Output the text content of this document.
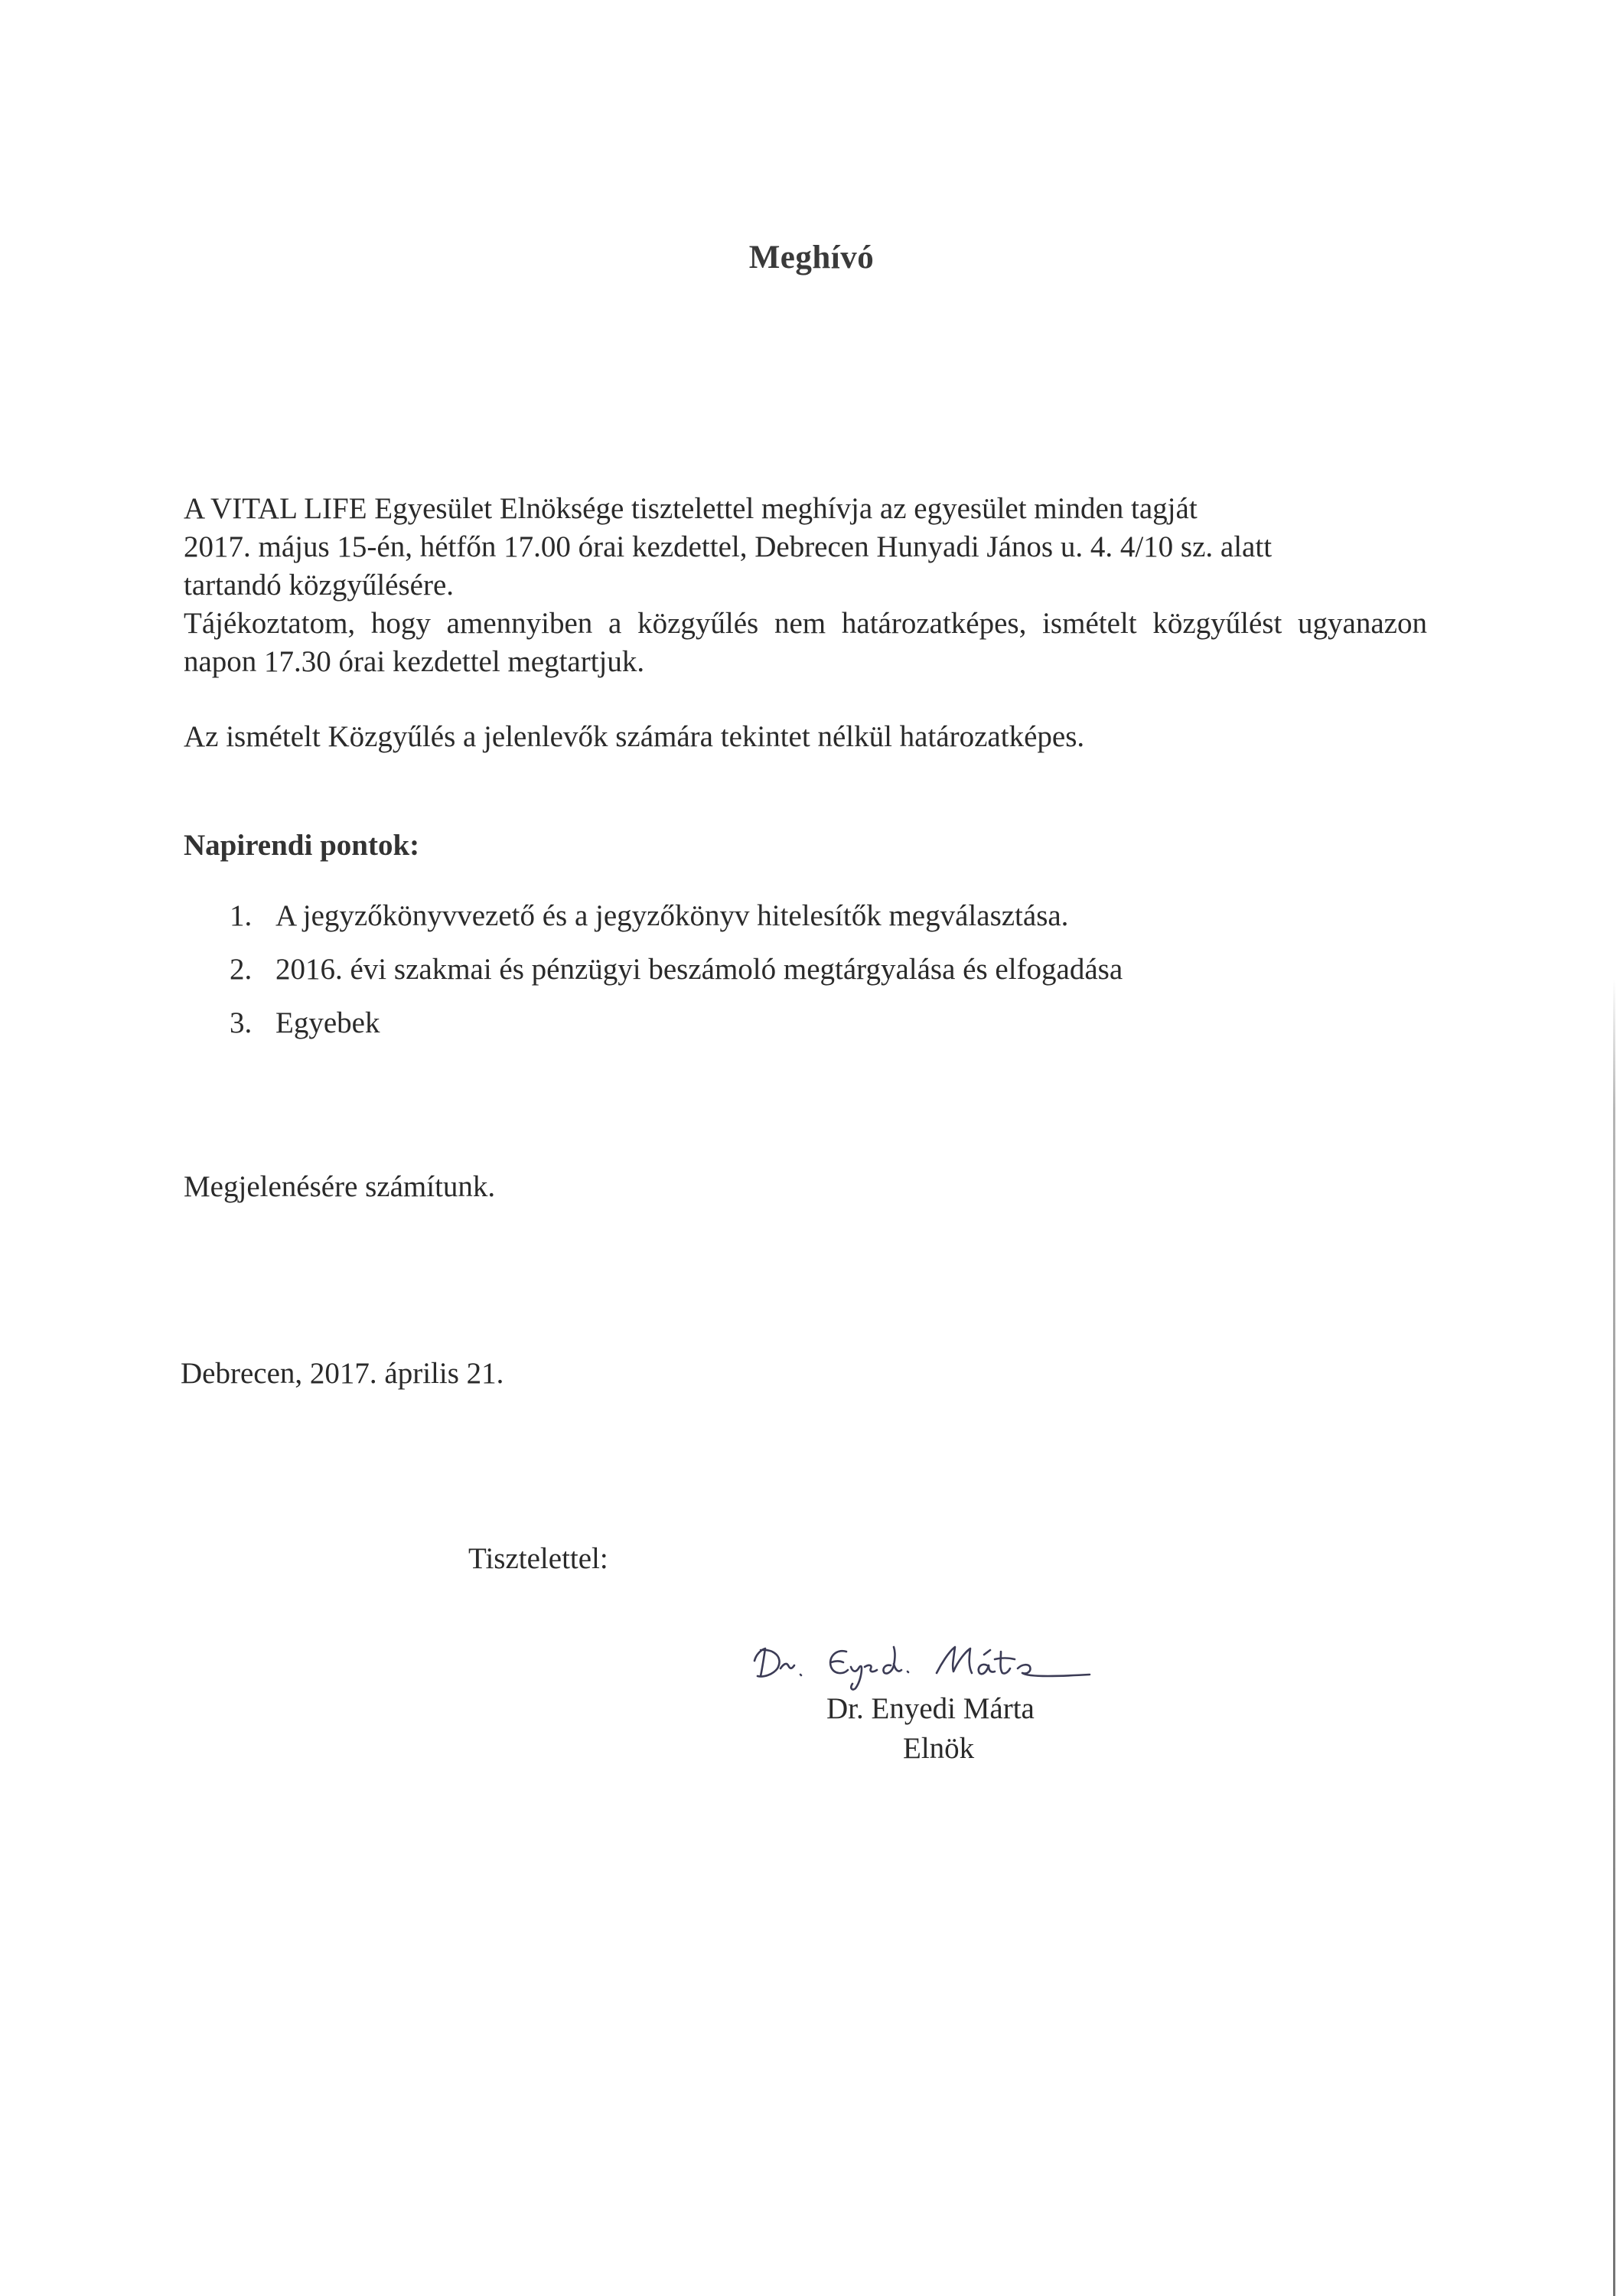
Meghívó
A VITAL LIFE Egyesület Elnöksége tisztelettel meghívja az egyesület minden tagját
2017. május 15-én, hétfőn 17.00 órai kezdettel, Debrecen Hunyadi János u. 4. 4/10 sz. alatt
tartandó közgyűlésére.
Tájékoztatom, hogy amennyiben a közgyűlés nem határozatképes, ismételt közgyűlést ugyanazon napon 17.30 órai kezdettel megtartjuk.
Az ismételt Közgyűlés a jelenlevők számára tekintet nélkül határozatképes.
Napirendi pontok:
1. A jegyzőkönyvvezető és a jegyzőkönyv hitelesítők megválasztása.
2. 2016. évi szakmai és pénzügyi beszámoló megtárgyalása és elfogadása
3. Egyebek
Megjelenésére számítunk.
Debrecen, 2017. április 21.
Tisztelettel:
Dr. Enyedi Márta
Elnök
